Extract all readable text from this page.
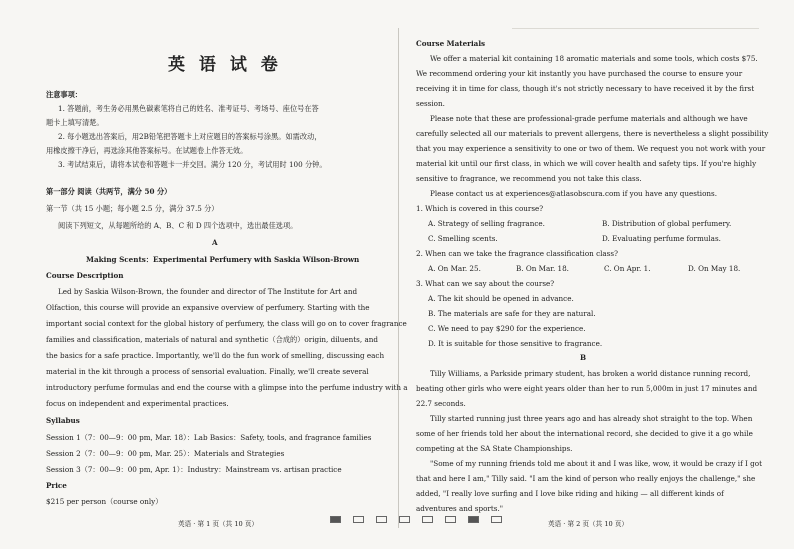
英 语 试 卷
注意事项：
1. 答题前，考生务必用黑色碳素笔将自己的姓名、准考证号、考场号、座位号在答
题卡上填写清楚。
2. 每小题选出答案后，用2B铅笔把答题卡上对应题目的答案标号涂黑。如需改动，
用橡皮擦干净后，再选涂其他答案标号。在试题卷上作答无效。
3. 考试结束后，请将本试卷和答题卡一并交回。满分 120 分，考试用时 100 分钟。
第一部分 阅读（共两节，满分 50 分）
第一节（共 15 小题；每小题 2.5 分，满分 37.5 分）
阅读下列短文，从每题所给的 A、B、C 和 D 四个选项中，选出最佳选项。
A
Making Scents：Experimental Perfumery with Saskia Wilson-Brown
Course Description
Led by Saskia Wilson-Brown, the founder and director of The Institute for Art and
Olfaction, this course will provide an expansive overview of perfumery. Starting with the
important social context for the global history of perfumery, the class will go on to cover fragrance
families and classification, materials of natural and synthetic（合成的）origin, diluents, and
the basics for a safe practice. Importantly, we'll do the fun work of smelling, discussing each
material in the kit through a process of sensorial evaluation. Finally, we'll create several
introductory perfume formulas and end the course with a glimpse into the perfume industry with a
focus on independent and experimental practices.
Syllabus
Session 1（7：00—9：00 pm, Mar. 18）：Lab Basics：Safety, tools, and fragrance families
Session 2（7：00—9：00 pm, Mar. 25）：Materials and Strategies
Session 3（7：00—9：00 pm, Apr. 1）：Industry：Mainstream vs. artisan practice
Price
$215 per person（course only）
英语 · 第 1 页（共 10 页）
Course Materials
We offer a material kit containing 18 aromatic materials and some tools, which costs $75.
We recommend ordering your kit instantly you have purchased the course to ensure your
receiving it in time for class, though it's not strictly necessary to have received it by the first
session.
Please note that these are professional-grade perfume materials and although we have
carefully selected all our materials to prevent allergens, there is nevertheless a slight possibility
that you may experience a sensitivity to one or two of them. We request you not work with your
material kit until our first class, in which we will cover health and safety tips. If you're highly
sensitive to fragrance, we recommend you not take this class.
Please contact us at experiences@atlasobscura.com if you have any questions.
1. Which is covered in this course?
A. Strategy of selling fragrance.	B. Distribution of global perfumery.
C. Smelling scents.	D. Evaluating perfume formulas.
2. When can we take the fragrance classification class?
A. On Mar. 25.	B. On Mar. 18.	C. On Apr. 1.	D. On May 18.
3. What can we say about the course?
A. The kit should be opened in advance.
B. The materials are safe for they are natural.
C. We need to pay $290 for the experience.
D. It is suitable for those sensitive to fragrance.
B
Tilly Williams, a Parkside primary student, has broken a world distance running record,
beating other girls who were eight years older than her to run 5,000m in just 17 minutes and
22.7 seconds.
Tilly started running just three years ago and has already shot straight to the top. When
some of her friends told her about the international record, she decided to give it a go while
competing at the SA State Championships.
"Some of my running friends told me about it and I was like, wow, it would be crazy if I got
that and here I am," Tilly said. "I am the kind of person who really enjoys the challenge," she
added, "I really love surfing and I love bike riding and hiking — all different kinds of
adventures and sports."
英语 · 第 2 页（共 10 页）
